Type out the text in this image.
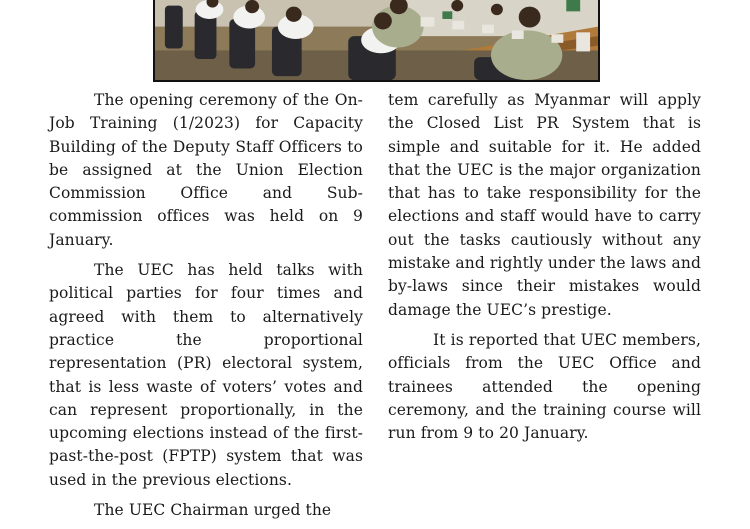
The opening ceremony of the On-Job Training (1/2023) for Capacity Building of the Deputy Staff Officers to be assigned at the Union Election Commission Office and Sub-commission offices was held on 9 January.

The UEC has held talks with political parties for four times and agreed with them to alternatively practice the proportional representation (PR) electoral system, that is less waste of voters’ votes and can represent proportionally, in the upcoming elections instead of the first-past-the-post (FPTP) system that was used in the previous elections.

The UEC Chairman urged the

tem carefully as Myanmar will apply the Closed List PR System that is simple and suitable for it. He added that the UEC is the major organization that has to take responsibility for the elections and staff would have to carry out the tasks cautiously without any mistake and rightly under the laws and by-laws since their mistakes would damage the UEC’s prestige.

It is reported that UEC members, officials from the UEC Office and trainees attended the opening ceremony, and the training course will run from 9 to 20 January.
